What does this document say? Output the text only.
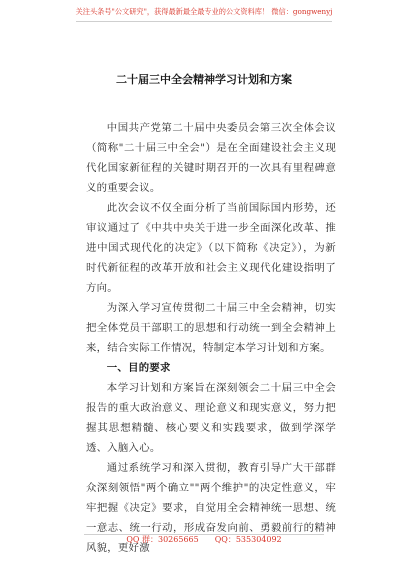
关注头条号"公文研究"，获得最新最全最专业的公文资料库！ 微信：gongwenyj
二十届三中全会精神学习计划和方案

中国共产党第二十届中央委员会第三次全体会议（简称"二十届三中全会"）是在全面建设社会主义现代化国家新征程的关键时期召开的一次具有里程碑意义的重要会议。

此次会议不仅全面分析了当前国际国内形势，还审议通过了《中共中央关于进一步全面深化改革、推进中国式现代化的决定》（以下简称《决定》），为新时代新征程的改革开放和社会主义现代化建设指明了方向。

为深入学习宣传贯彻二十届三中全会精神，切实把全体党员干部职工的思想和行动统一到全会精神上来，结合实际工作情况，特制定本学习计划和方案。

一、目的要求

本学习计划和方案旨在深刻领会二十届三中全会报告的重大政治意义、理论意义和现实意义，努力把握其思想精髓、核心要义和实践要求，做到学深学透、入脑入心。

通过系统学习和深入贯彻，教育引导广大干部群众深刻领悟"两个确立""两个维护"的决定性意义，牢牢把握《决定》要求，自觉用全会精神统一思想、统一意志、统一行动，形成奋发向前、勇毅前行的精神风貌，更好激

QQ 群：30265665　　QQ：535304092
